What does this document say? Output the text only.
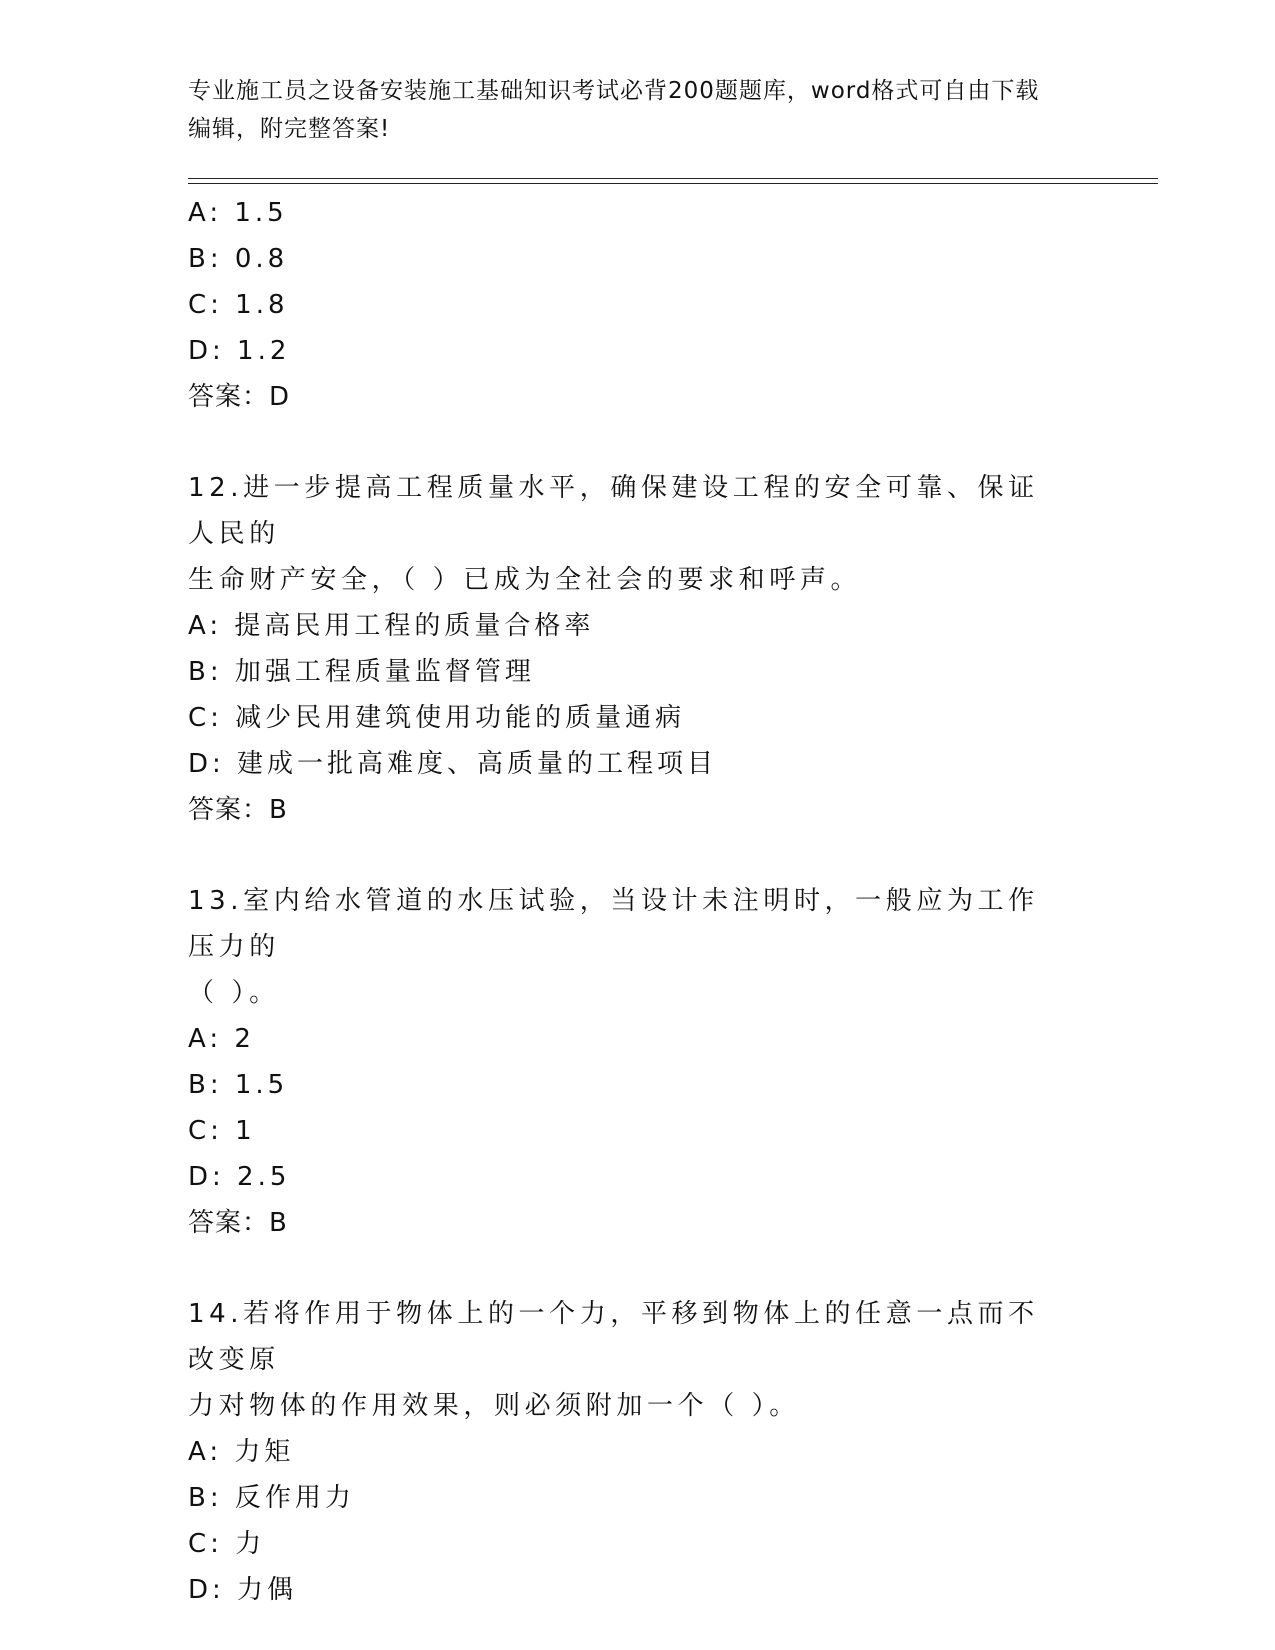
专业施工员之设备安装施工基础知识考试必背200题题库，word格式可自由下载
编辑，附完整答案!
A: 1.5
B: 0.8
C: 1.8
D: 1.2
答案：D
12.进一步提高工程质量水平，确保建设工程的安全可靠、保证人民的
生命财产安全，（ ）已成为全社会的要求和呼声。
A: 提高民用工程的质量合格率
B: 加强工程质量监督管理
C: 减少民用建筑使用功能的质量通病
D: 建成一批高难度、高质量的工程项目
答案：B
13.室内给水管道的水压试验，当设计未注明时，一般应为工作压力的
（ ）。
A: 2
B: 1.5
C: 1
D: 2.5
答案：B
14.若将作用于物体上的一个力，平移到物体上的任意一点而不改变原
力对物体的作用效果，则必须附加一个（ ）。
A: 力矩
B: 反作用力
C: 力
D: 力偶
